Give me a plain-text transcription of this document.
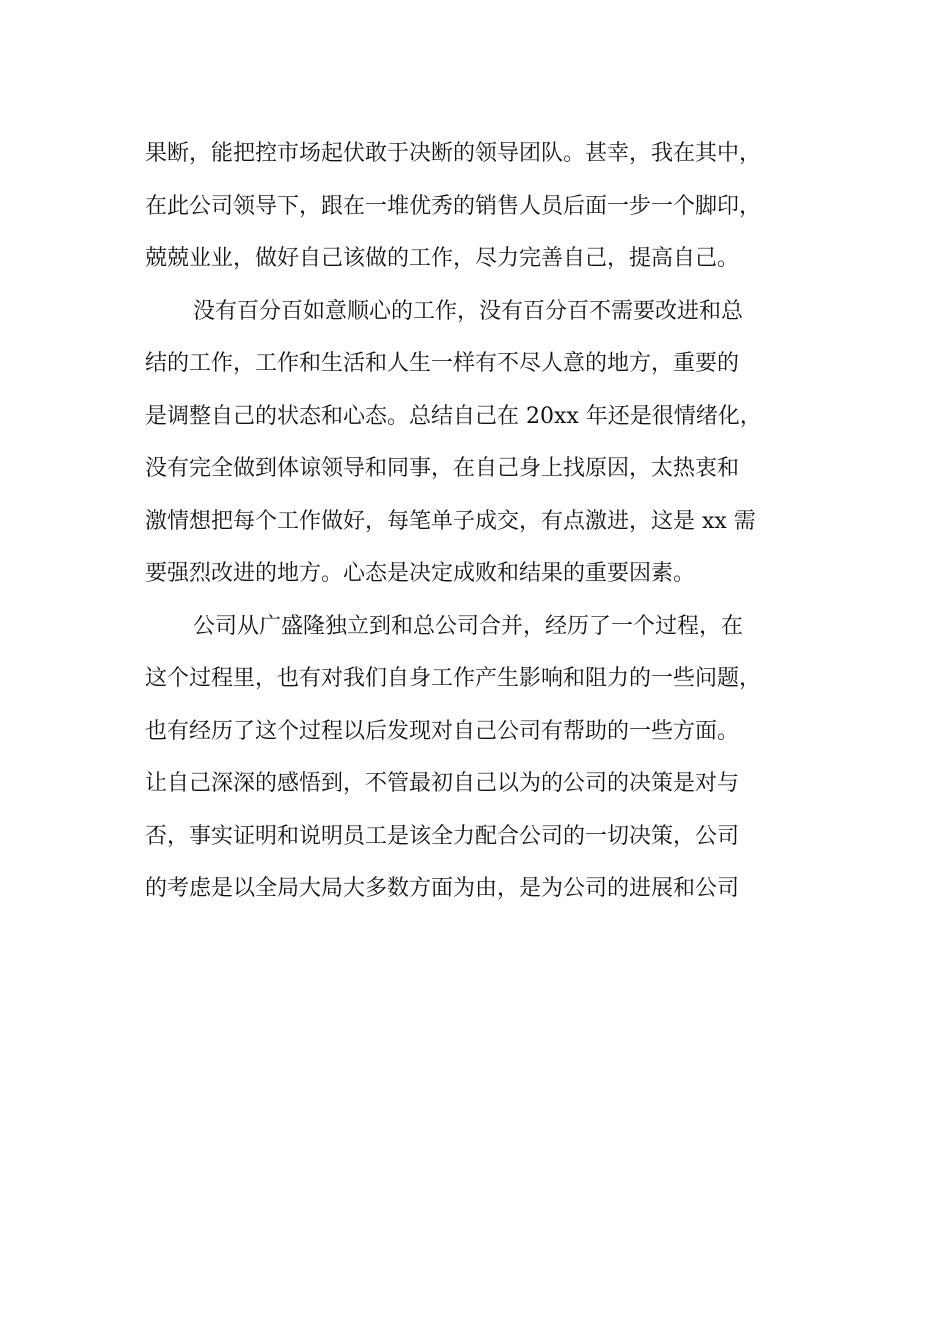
果断，能把控市场起伏敢于决断的领导团队。甚幸，我在其中，
在此公司领导下，跟在一堆优秀的销售人员后面一步一个脚印，
兢兢业业，做好自己该做的工作，尽力完善自己，提高自己。
没有百分百如意顺心的工作，没有百分百不需要改进和总
结的工作，工作和生活和人生一样有不尽人意的地方，重要的
是调整自己的状态和心态。总结自己在 20xx 年还是很情绪化，
没有完全做到体谅领导和同事，在自己身上找原因，太热衷和
激情想把每个工作做好，每笔单子成交，有点激进，这是 xx 需
要强烈改进的地方。心态是决定成败和结果的重要因素。
公司从广盛隆独立到和总公司合并，经历了一个过程，在
这个过程里，也有对我们自身工作产生影响和阻力的一些问题，
也有经历了这个过程以后发现对自己公司有帮助的一些方面。
让自己深深的感悟到，不管最初自己以为的公司的决策是对与
否，事实证明和说明员工是该全力配合公司的一切决策，公司
的考虑是以全局大局大多数方面为由，是为公司的进展和公司
